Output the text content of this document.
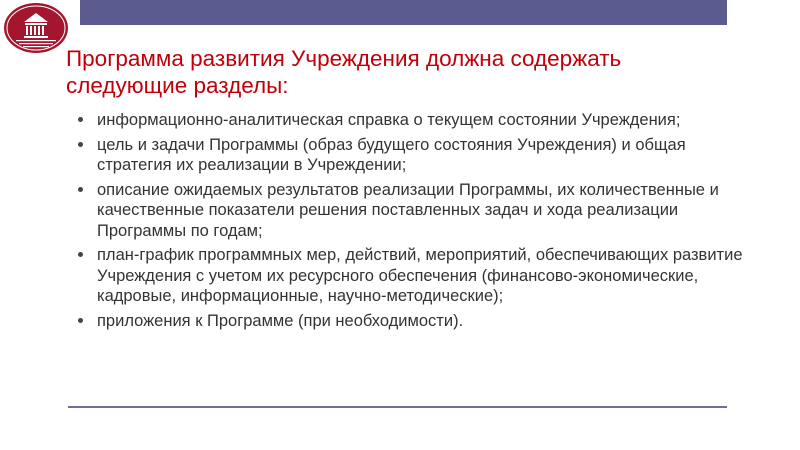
Программа развития Учреждения должна содержать следующие разделы:
информационно-аналитическая справка о текущем состоянии Учреждения;
цель и задачи Программы (образ будущего состояния Учреждения) и общая стратегия их реализации в Учреждении;
описание ожидаемых результатов реализации Программы, их количественные и качественные показатели решения поставленных задач и хода реализации Программы по годам;
план-график программных мер, действий, мероприятий, обеспечивающих развитие Учреждения с учетом их ресурсного обеспечения (финансово-экономические, кадровые, информационные, научно-методические);
приложения к Программе (при необходимости).
